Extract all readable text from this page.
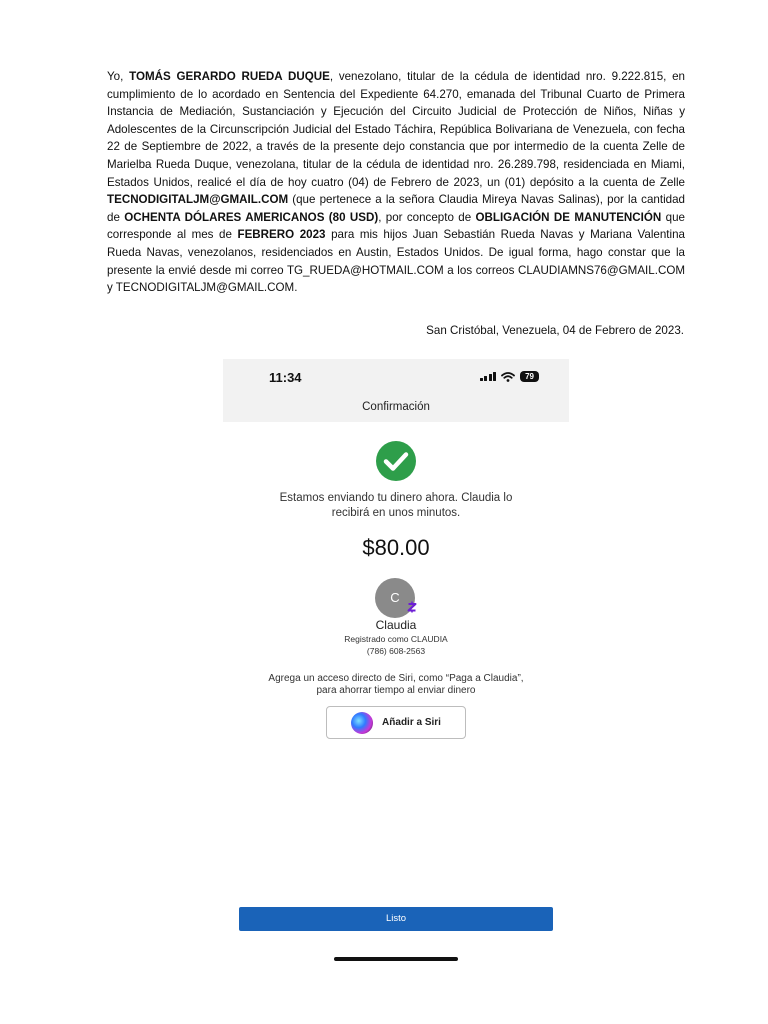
Yo, TOMÁS GERARDO RUEDA DUQUE, venezolano, titular de la cédula de identidad nro. 9.222.815, en cumplimiento de lo acordado en Sentencia del Expediente 64.270, emanada del Tribunal Cuarto de Primera Instancia de Mediación, Sustanciación y Ejecución del Circuito Judicial de Protección de Niños, Niñas y Adolescentes de la Circunscripción Judicial del Estado Táchira, República Bolivariana de Venezuela, con fecha 22 de Septiembre de 2022, a través de la presente dejo constancia que por intermedio de la cuenta Zelle de Marielba Rueda Duque, venezolana, titular de la cédula de identidad nro. 26.289.798, residenciada en Miami, Estados Unidos, realicé el día de hoy cuatro (04) de Febrero de 2023, un (01) depósito a la cuenta de Zelle TECNODIGITALJM@GMAIL.COM (que pertenece a la señora Claudia Mireya Navas Salinas), por la cantidad de OCHENTA DÓLARES AMERICANOS (80 USD), por concepto de OBLIGACIÓN DE MANUTENCIÓN que corresponde al mes de FEBRERO 2023 para mis hijos Juan Sebastián Rueda Navas y Mariana Valentina Rueda Navas, venezolanos, residenciados en Austin, Estados Unidos. De igual forma, hago constar que la presente la envié desde mi correo TG_RUEDA@HOTMAIL.COM a los correos CLAUDIAMNS76@GMAIL.COM y TECNODIGITALJM@GMAIL.COM.

San Cristóbal, Venezuela, 04 de Febrero de 2023.
11:34	79
Confirmación
Estamos enviando tu dinero ahora. Claudia lo
recibirá en unos minutos.
$80.00
C
Claudia
Registrado como CLAUDIA
(786) 608-2563
Agrega un acceso directo de Siri, como “Paga a Claudia”,
para ahorrar tiempo al enviar dinero
Añadir a Siri
Listo
